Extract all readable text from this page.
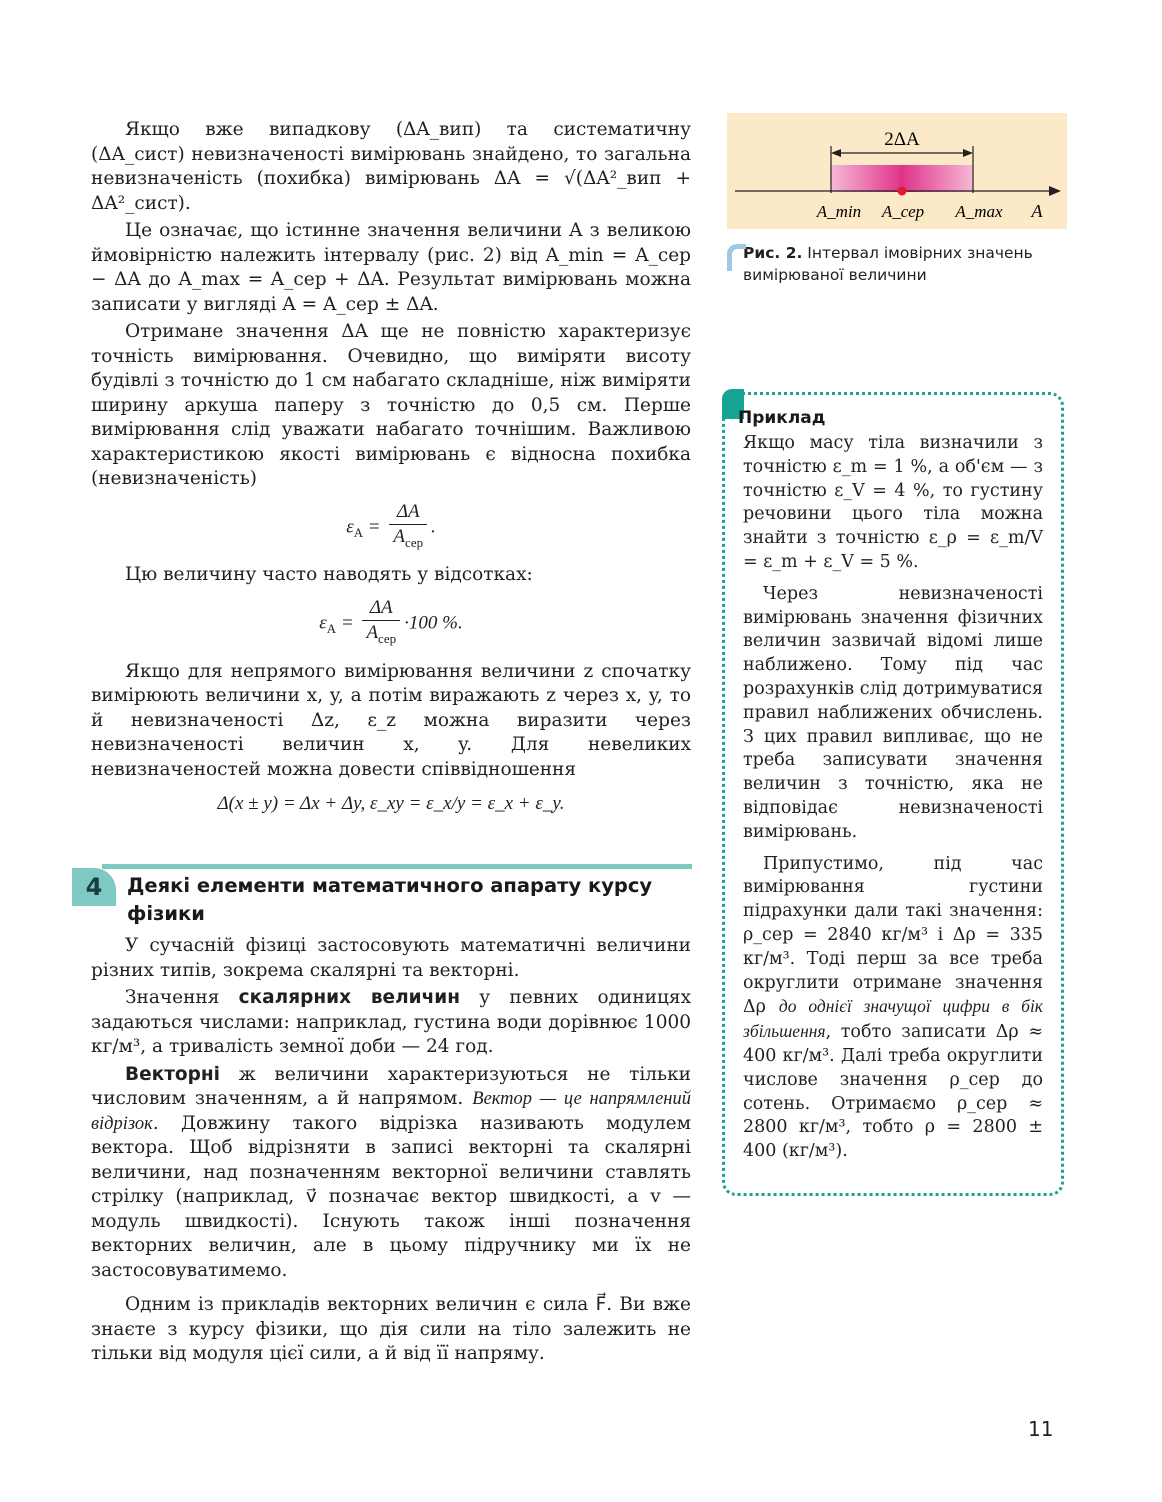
Якщо вже випадкову (ΔA_вип) та систематичну (ΔA_сист) невизначеності вимірювань знайдено, то загальна невизначеність (похибка) вимірювань ΔA = √(ΔA²_вип + ΔA²_сист).

Це означає, що істинне значення величини A з великою ймовірністю належить інтервалу (рис. 2) від A_min = A_сер − ΔA до A_max = A_сер + ΔA. Результат вимірювань можна записати у вигляді A = A_сер ± ΔA.

Отримане значення ΔA ще не повністю характеризує точність вимірювання. Очевидно, що виміряти висоту будівлі з точністю до 1 см набагато складніше, ніж виміряти ширину аркуша паперу з точністю до 0,5 см. Перше вимірювання слід уважати набагато точнішим. Важливою характеристикою якості вимірювань є відносна похибка (невизначеність)

$\varepsilon_A = \frac{\Delta A}{A_{сер}}$ .

Цю величину часто наводять у відсотках:

$\varepsilon_A = \frac{\Delta A}{A_{сер}} \cdot 100$ %.

Якщо для непрямого вимірювання величини z спочатку вимірюють величини x, y, а потім виражають z через x, y, то й невизначеності Δz, ε_z можна виразити через невизначеності величин x, y. Для невеликих невизначеностей можна довести співвідношення

Δ(x ± y) = Δx + Δy, ε_xy = ε_x/y = ε_x + ε_y.
4	Деякі елементи математичного апарату курсу фізики

У сучасній фізиці застосовують математичні величини різних типів, зокрема скалярні та векторні.

Значення скалярних величин у певних одиницях задаються числами: наприклад, густина води дорівнює 1000 кг/м³, а тривалість земної доби — 24 год.

Векторні ж величини характеризуються не тільки числовим значенням, а й напрямом. Вектор — це напрямлений відрізок. Довжину такого відрізка називають модулем вектора. Щоб відрізняти в записі векторні та скалярні величини, над позначенням векторної величини ставлять стрілку (наприклад, v⃗ позначає вектор швидкості, а v — модуль швидкості). Існують також інші позначення векторних величин, але в цьому підручнику ми їх не застосовуватимемо.

Одним із прикладів векторних величин є сила F⃗. Ви вже знаєте з курсу фізики, що дія сили на тіло залежить не тільки від модуля цієї сили, а й від її напряму.

2ΔA
A_min A_сер A_max A
Рис. 2. Інтервал імовірних значень вимірюваної величини
Приклад

Якщо масу тіла визначили з точністю ε_m = 1 %, а об'єм — з точністю ε_V = 4 %, то густину речовини цього тіла можна знайти з точністю ε_ρ = ε_m/V = ε_m + ε_V = 5 %.

Через невизначеності вимірювань значення фізичних величин зазвичай відомі лише наближено. Тому під час розрахунків слід дотримуватися правил наближених обчислень. З цих правил випливає, що не треба записувати значення величин з точністю, яка не відповідає невизначеності вимірювань.

Припустимо, під час вимірювання густини підрахунки дали такі значення: ρ_сер = 2840 кг/м³ і Δρ = 335 кг/м³. Тоді перш за все треба округлити отримане значення Δρ до однієї значущої цифри в бік збільшення, тобто записати Δρ ≈ 400 кг/м³. Далі треба округлити числове значення ρ_сер до сотень. Отримаємо ρ_сер ≈ 2800 кг/м³, тобто ρ = 2800 ± 400 (кг/м³).

11
